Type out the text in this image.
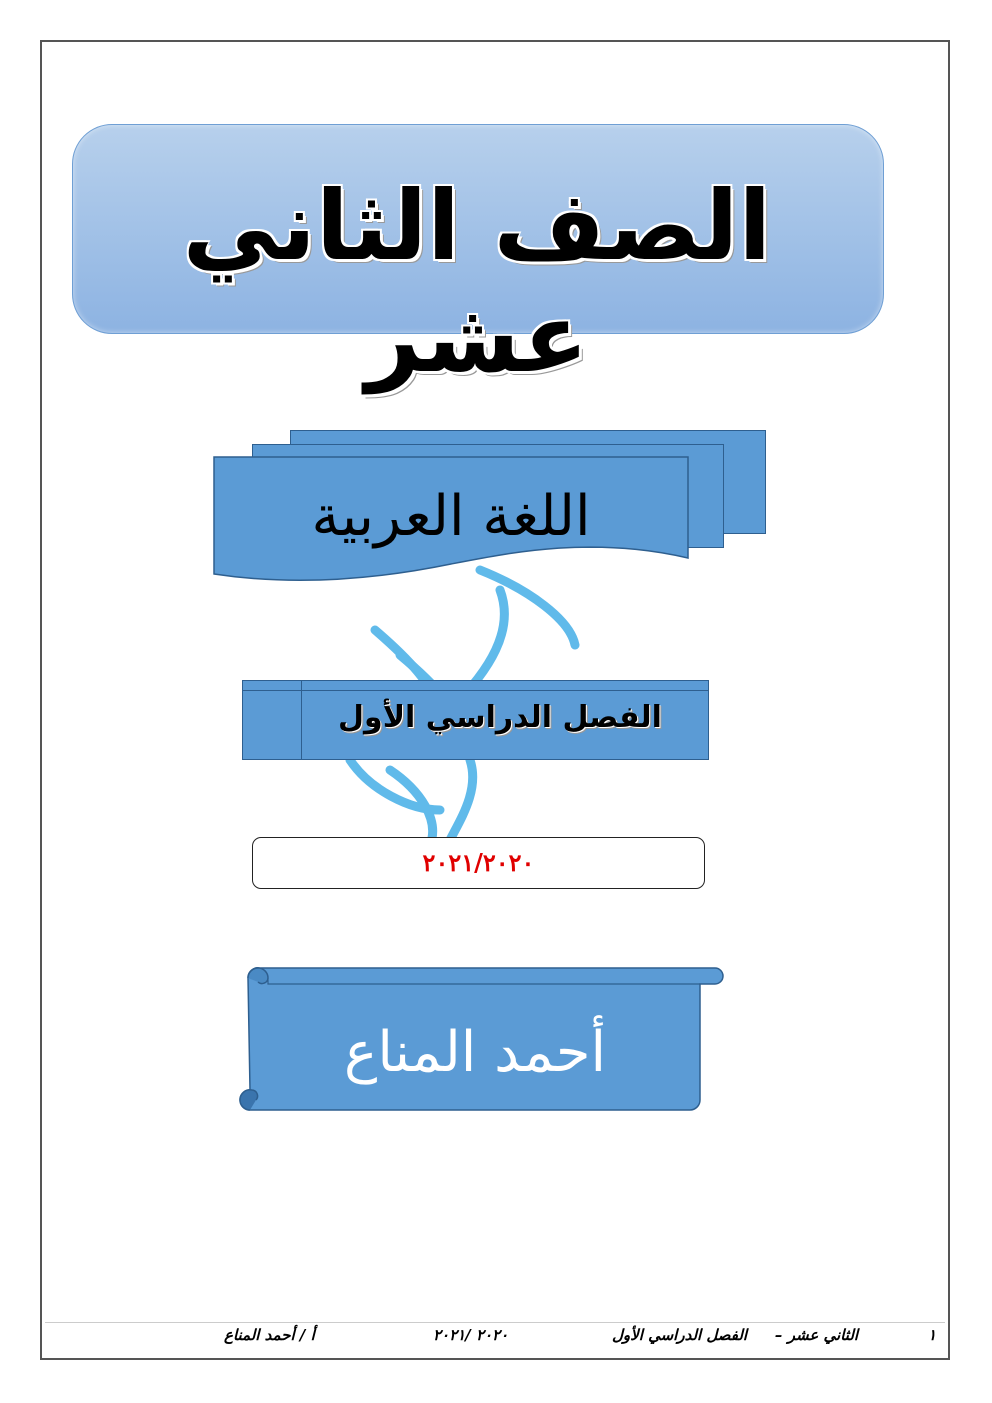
الصف الثاني عشر
اللغة العربية
الفصل الدراسي الأول
٢٠٢١/٢٠٢٠
أحمد المناع
١
الثاني عشر –
الفصل الدراسي الأول
٢٠٢٠ /٢٠٢١
أ / أحمد المناع
